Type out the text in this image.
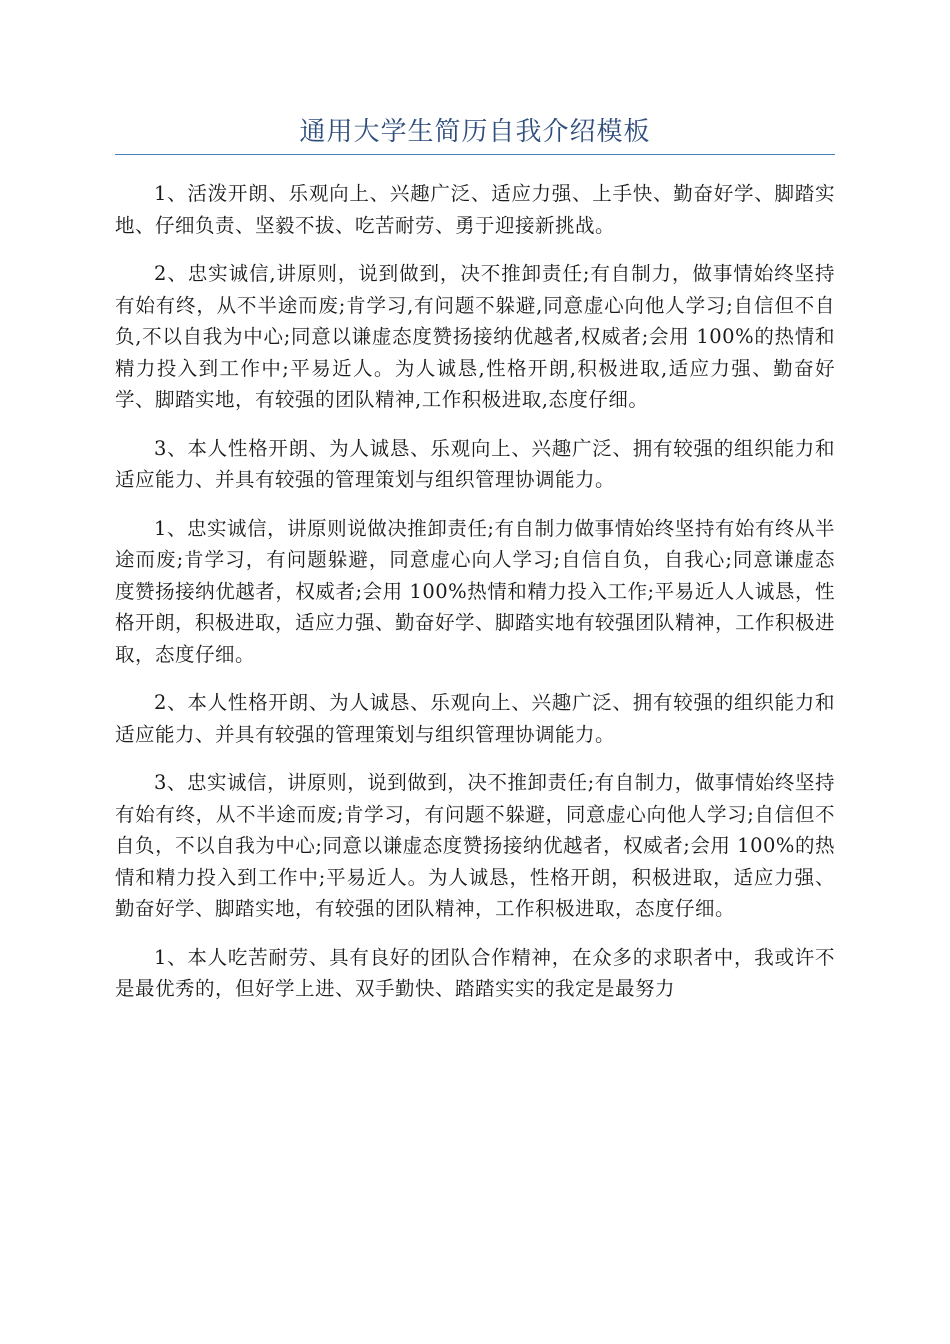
通用大学生简历自我介绍模板

1、活泼开朗、乐观向上、兴趣广泛、适应力强、上手快、勤奋好学、脚踏实地、仔细负责、坚毅不拔、吃苦耐劳、勇于迎接新挑战。

2、忠实诚信,讲原则，说到做到，决不推卸责任;有自制力，做事情始终坚持有始有终，从不半途而废;肯学习,有问题不躲避,同意虚心向他人学习;自信但不自负,不以自我为中心;同意以谦虚态度赞扬接纳优越者,权威者;会用 100%的热情和精力投入到工作中;平易近人。为人诚恳,性格开朗,积极进取,适应力强、勤奋好学、脚踏实地，有较强的团队精神,工作积极进取,态度仔细。

3、本人性格开朗、为人诚恳、乐观向上、兴趣广泛、拥有较强的组织能力和适应能力、并具有较强的管理策划与组织管理协调能力。

1、忠实诚信，讲原则说做决推卸责任;有自制力做事情始终坚持有始有终从半途而废;肯学习，有问题躲避，同意虚心向人学习;自信自负，自我心;同意谦虚态度赞扬接纳优越者，权威者;会用 100%热情和精力投入工作;平易近人人诚恳，性格开朗，积极进取，适应力强、勤奋好学、脚踏实地有较强团队精神，工作积极进取，态度仔细。

2、本人性格开朗、为人诚恳、乐观向上、兴趣广泛、拥有较强的组织能力和适应能力、并具有较强的管理策划与组织管理协调能力。

3、忠实诚信，讲原则，说到做到，决不推卸责任;有自制力，做事情始终坚持有始有终，从不半途而废;肯学习，有问题不躲避，同意虚心向他人学习;自信但不自负，不以自我为中心;同意以谦虚态度赞扬接纳优越者，权威者;会用 100%的热情和精力投入到工作中;平易近人。为人诚恳，性格开朗，积极进取，适应力强、勤奋好学、脚踏实地，有较强的团队精神，工作积极进取，态度仔细。

1、本人吃苦耐劳、具有良好的团队合作精神，在众多的求职者中，我或许不是最优秀的，但好学上进、双手勤快、踏踏实实的我定是最努力
